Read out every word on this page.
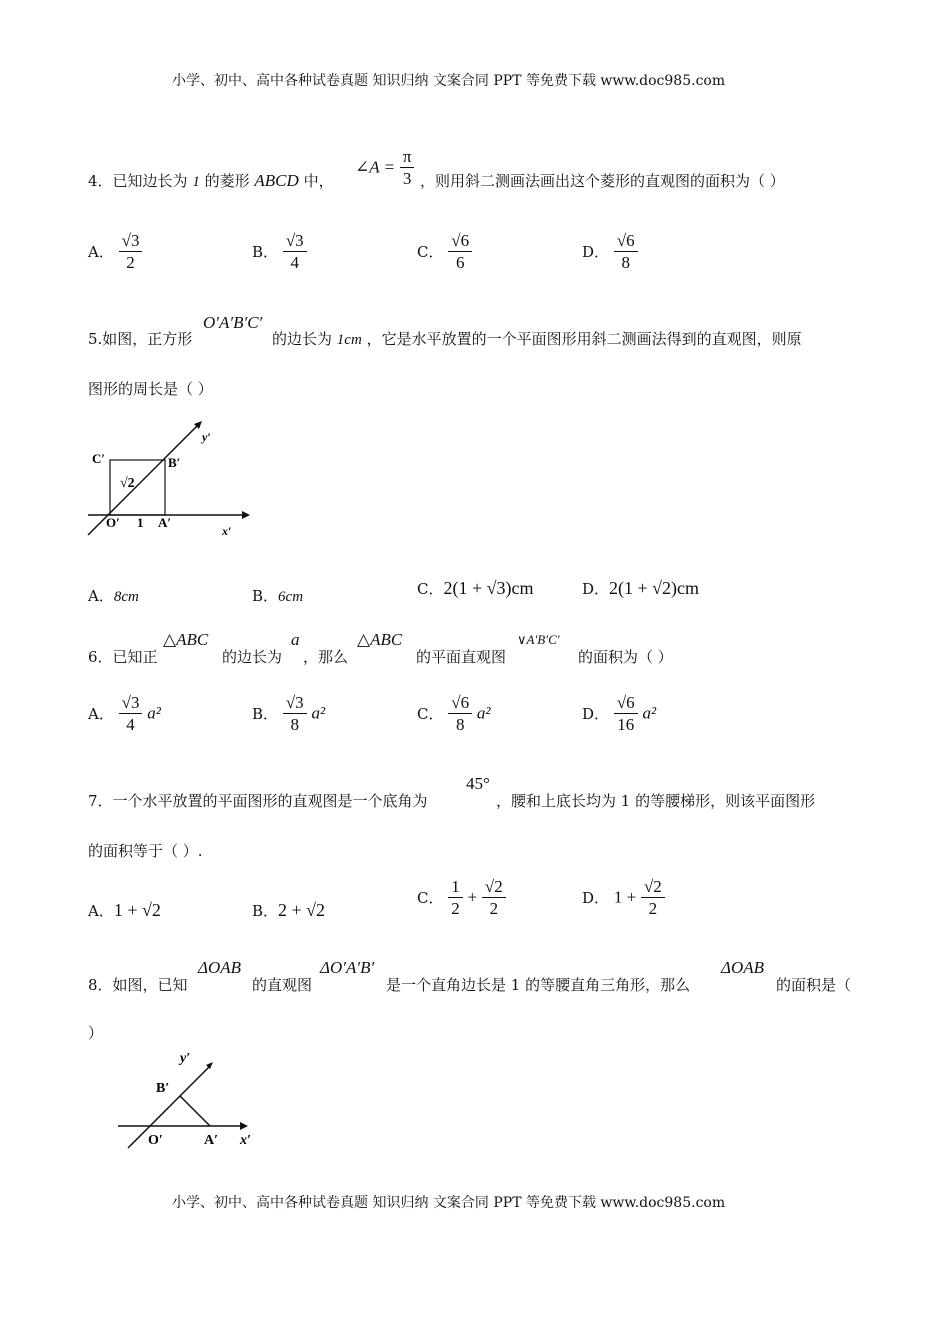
小学、初中、高中各种试卷真题 知识归纳 文案合同 PPT 等免费下载 www.doc985.com
4．已知边长为 1 的菱形 ABCD 中，
∠A = $\frac{\pi}{3}$ ，则用斜二测画法画出这个菱形的直观图的面积为（ ）
A． $\frac{√3}{2}$	B． $\frac{√3}{4}$	C． $\frac{√6}{6}$	D． $\frac{√6}{8}$
5.如图，正方形
O′A′B′C′
的边长为 1cm ，它是水平放置的一个平面图形用斜二测画法得到的直观图，则原
图形的周长是（ ）
C′	B′
y′
√2
O′ 1 A′
x′
A．8cm	B．6cm	C．2(1 + √3)cm	D．2(1 + √2)cm
6．已知正
△ABC
的边长为
a
，那么
△ABC
的平面直观图
∨A′B′C′
的面积为（ ）
A． $\frac{√3}{4} a^2$	B． $\frac{√3}{8} a^2$	C． $\frac{√6}{8} a^2$	D． $\frac{√6}{16} a^2$
7．一个水平放置的平面图形的直观图是一个底角为
45°
，腰和上底长均为 1 的等腰梯形，则该平面图形
的面积等于（ ）.
A．1 + √2	B．2 + √2
C． $\frac{1}{2} + \frac{√2}{2}$	D． $1 + \frac{√2}{2}$
8．如图，已知
ΔOAB
的直观图
ΔO′A′B′
是一个直角边长是 1 的等腰直角三角形，那么
ΔOAB
的面积是（
）
y′
B′
O′	A′ x′
小学、初中、高中各种试卷真题 知识归纳 文案合同 PPT 等免费下载 www.doc985.com
